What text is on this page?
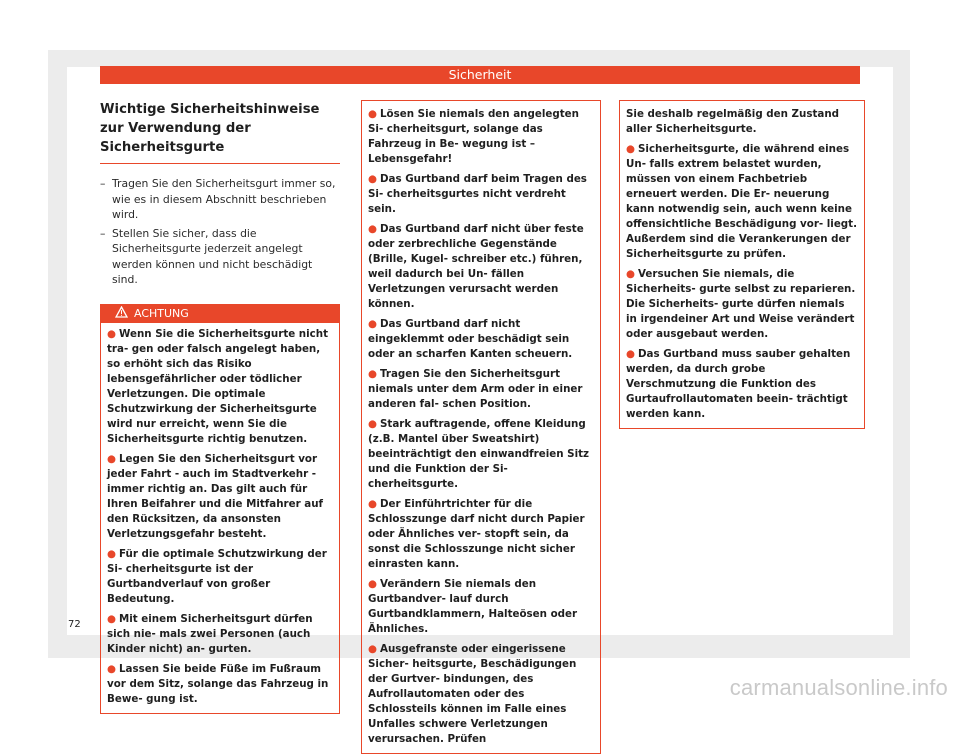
Sicherheit
Wichtige Sicherheitshinweise zur Verwendung der Sicherheitsgurte
– Tragen Sie den Sicherheitsgurt immer so, wie es in diesem Abschnitt beschrieben wird.
– Stellen Sie sicher, dass die Sicherheitsgurte jederzeit angelegt werden können und nicht beschädigt sind.
ACHTUNG

● Wenn Sie die Sicherheitsgurte nicht tra- gen oder falsch angelegt haben, so erhöht sich das Risiko lebensgefährlicher oder tödlicher Verletzungen. Die optimale Schutzwirkung der Sicherheitsgurte wird nur erreicht, wenn Sie die Sicherheitsgurte richtig benutzen.

● Legen Sie den Sicherheitsgurt vor jeder Fahrt - auch im Stadtverkehr - immer richtig an. Das gilt auch für Ihren Beifahrer und die Mitfahrer auf den Rücksitzen, da ansonsten Verletzungsgefahr besteht.

● Für die optimale Schutzwirkung der Si- cherheitsgurte ist der Gurtbandverlauf von großer Bedeutung.

● Mit einem Sicherheitsgurt dürfen sich nie- mals zwei Personen (auch Kinder nicht) an- gurten.

● Lassen Sie beide Füße im Fußraum vor dem Sitz, solange das Fahrzeug in Bewe- gung ist.

● Lösen Sie niemals den angelegten Si- cherheitsgurt, solange das Fahrzeug in Be- wegung ist – Lebensgefahr!

● Das Gurtband darf beim Tragen des Si- cherheitsgurtes nicht verdreht sein.

● Das Gurtband darf nicht über feste oder zerbrechliche Gegenstände (Brille, Kugel- schreiber etc.) führen, weil dadurch bei Un- fällen Verletzungen verursacht werden können.

● Das Gurtband darf nicht eingeklemmt oder beschädigt sein oder an scharfen Kanten scheuern.

● Tragen Sie den Sicherheitsgurt niemals unter dem Arm oder in einer anderen fal- schen Position.

● Stark auftragende, offene Kleidung (z.B. Mantel über Sweatshirt) beeinträchtigt den einwandfreien Sitz und die Funktion der Si- cherheitsgurte.

● Der Einführtrichter für die Schlosszunge darf nicht durch Papier oder Ähnliches ver- stopft sein, da sonst die Schlosszunge nicht sicher einrasten kann.

● Verändern Sie niemals den Gurtbandver- lauf durch Gurtbandklammern, Halteösen oder Ähnliches.

● Ausgefranste oder eingerissene Sicher- heitsgurte, Beschädigungen der Gurtver- bindungen, des Aufrollautomaten oder des Schlossteils können im Falle eines Unfalles schwere Verletzungen verursachen. Prüfen

Sie deshalb regelmäßig den Zustand aller Sicherheitsgurte.

● Sicherheitsgurte, die während eines Un- falls extrem belastet wurden, müssen von einem Fachbetrieb erneuert werden. Die Er- neuerung kann notwendig sein, auch wenn keine offensichtliche Beschädigung vor- liegt. Außerdem sind die Verankerungen der Sicherheitsgurte zu prüfen.

● Versuchen Sie niemals, die Sicherheits- gurte selbst zu reparieren. Die Sicherheits- gurte dürfen niemals in irgendeiner Art und Weise verändert oder ausgebaut werden.

● Das Gurtband muss sauber gehalten werden, da durch grobe Verschmutzung die Funktion des Gurtaufrollautomaten beein- trächtigt werden kann.

72
carmanualsonline.info
